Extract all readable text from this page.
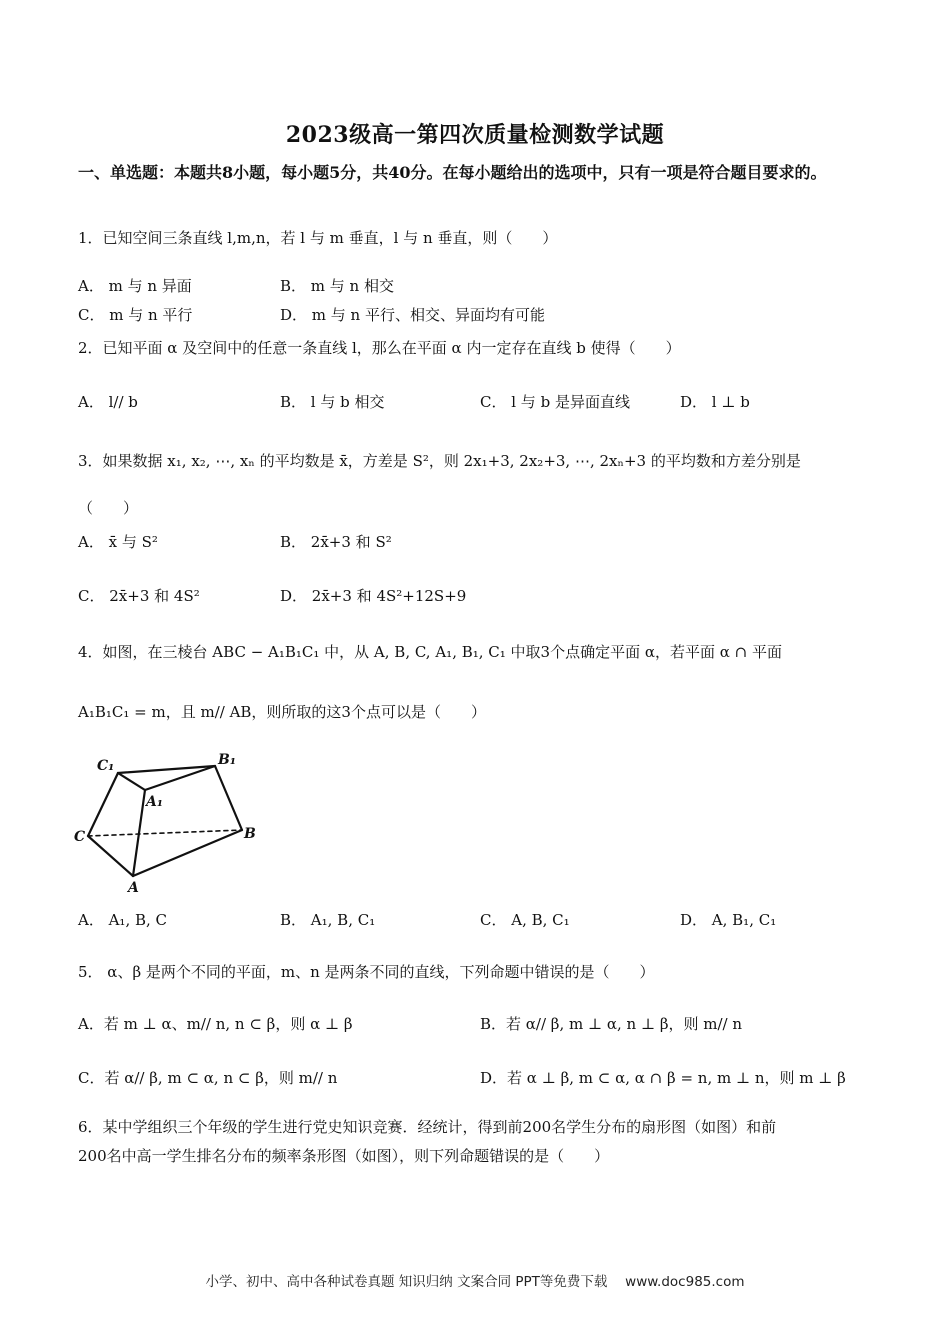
2023级高一第四次质量检测数学试题
一、单选题：本题共8小题，每小题5分，共40分。在每小题给出的选项中，只有一项是符合题目要求的。
1．已知空间三条直线 l,m,n，若 l 与 m 垂直，l 与 n 垂直，则（　　）
A． m 与 n 异面	B． m 与 n 相交
C． m 与 n 平行	D． m 与 n 平行、相交、异面均有可能
2．已知平面 α 及空间中的任意一条直线 l，那么在平面 α 内一定存在直线 b 使得（　　）
A． l// b	B． l 与 b 相交	C． l 与 b 是异面直线	D． l ⊥ b
3．如果数据 x₁, x₂, ⋯, xₙ 的平均数是 x̄，方差是 S²，则 2x₁+3, 2x₂+3, ⋯, 2xₙ+3 的平均数和方差分别是
（　　）
A． x̄ 与 S²	B． 2x̄+3 和 S²
C． 2x̄+3 和 4S²	D． 2x̄+3 和 4S²+12S+9
4．如图，在三棱台 ABC − A₁B₁C₁ 中，从 A, B, C, A₁, B₁, C₁ 中取3个点确定平面 α，若平面 α ∩ 平面
A₁B₁C₁ = m，且 m// AB，则所取的这3个点可以是（　　）
C₁	B₁
A₁
C	B
A
A． A₁, B, C	B． A₁, B, C₁	C． A, B, C₁	D． A, B₁, C₁
5． α、β 是两个不同的平面，m、n 是两条不同的直线，下列命题中错误的是（　　）
A．若 m ⊥ α、m// n, n ⊂ β，则 α ⊥ β	B．若 α// β, m ⊥ α, n ⊥ β，则 m// n
C．若 α// β, m ⊂ α, n ⊂ β，则 m// n	D．若 α ⊥ β, m ⊂ α, α ∩ β = n, m ⊥ n，则 m ⊥ β
6．某中学组织三个年级的学生进行党史知识竞赛．经统计，得到前200名学生分布的扇形图（如图）和前
200名中高一学生排名分布的频率条形图（如图），则下列命题错误的是（　　）
小学、初中、高中各种试卷真题 知识归纳 文案合同 PPT等免费下载　 www.doc985.com
